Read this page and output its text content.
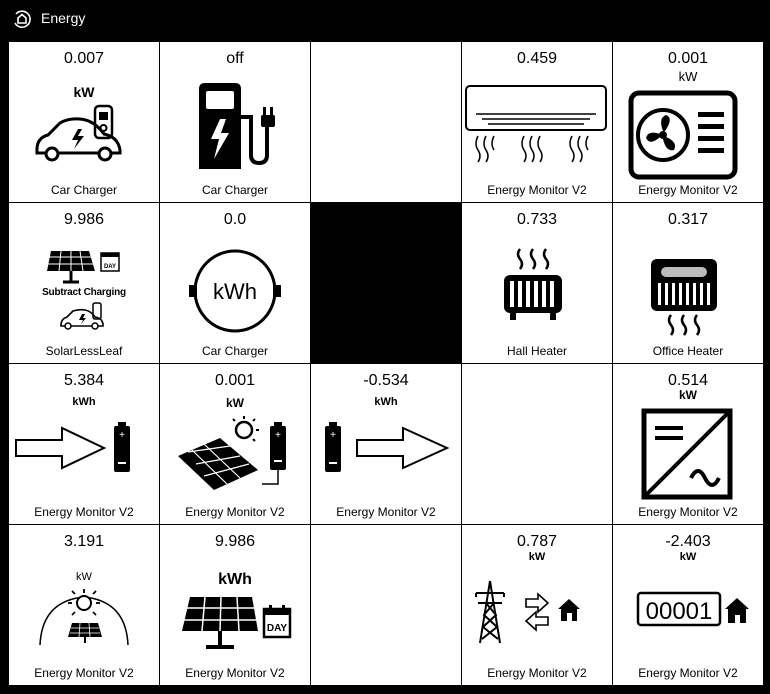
Energy
0.007
kW
Car Charger
off
Car Charger
0.459
Energy Monitor V2
0.001
kW
Energy Monitor V2
9.986
DAY
Subtract Charging
SolarLessLeaf
0.0
kWh
Car Charger
0.733
Hall Heater
0.317
Office Heater
5.384
kWh
+
Energy Monitor V2
0.001
kW
+
Energy Monitor V2
-0.534
kWh
+
Energy Monitor V2
0.514
kW
Energy Monitor V2
3.191
kW
Energy Monitor V2
9.986
kWh
DAY
Energy Monitor V2
0.787
kW
Energy Monitor V2
-2.403
kW
00001
Energy Monitor V2
